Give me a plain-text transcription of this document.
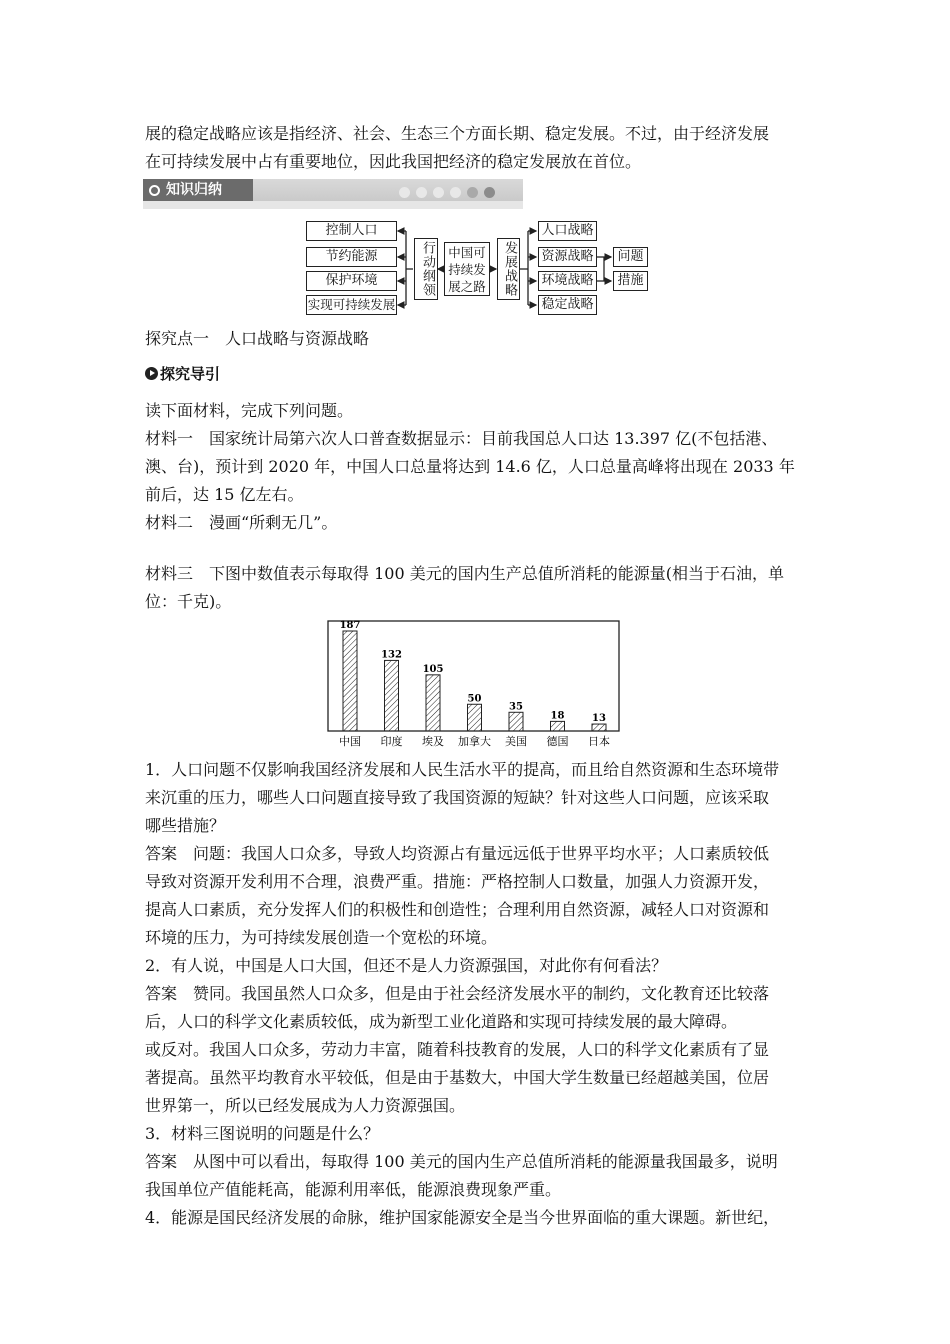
展的稳定战略应该是指经济、社会、生态三个方面长期、稳定发展。不过，由于经济发展
在可持续发展中占有重要地位，因此我国把经济的稳定发展放在首位。
知识归纳
控制人口
节约能源
保护环境
实现可持续发展
行动纲领	中国可持续发展之路	发展战略
人口战略
资源战略
环境战略
稳定战略
问题
措施
探究点一　人口战略与资源战略
探究导引
读下面材料，完成下列问题。
材料一　国家统计局第六次人口普查数据显示：目前我国总人口达 13.397 亿(不包括港、
澳、台)，预计到 2020 年，中国人口总量将达到 14.6 亿，人口总量高峰将出现在 2033 年
前后，达 15 亿左右。
材料二　漫画“所剩无几”。
材料三　下图中数值表示每取得 100 美元的国内生产总值所消耗的能源量(相当于石油，单
位：千克)。
187
中国
132
印度
105
埃及
50
加拿大
35
美国
18
德国
13
日本
1．人口问题不仅影响我国经济发展和人民生活水平的提高，而且给自然资源和生态环境带
来沉重的压力，哪些人口问题直接导致了我国资源的短缺？针对这些人口问题，应该采取
哪些措施？
答案　问题：我国人口众多，导致人均资源占有量远远低于世界平均水平；人口素质较低
导致对资源开发利用不合理，浪费严重。措施：严格控制人口数量，加强人力资源开发，
提高人口素质，充分发挥人们的积极性和创造性；合理利用自然资源，减轻人口对资源和
环境的压力，为可持续发展创造一个宽松的环境。
2．有人说，中国是人口大国，但还不是人力资源强国，对此你有何看法？
答案　赞同。我国虽然人口众多，但是由于社会经济发展水平的制约，文化教育还比较落
后，人口的科学文化素质较低，成为新型工业化道路和实现可持续发展的最大障碍。
或反对。我国人口众多，劳动力丰富，随着科技教育的发展，人口的科学文化素质有了显
著提高。虽然平均教育水平较低，但是由于基数大，中国大学生数量已经超越美国，位居
世界第一，所以已经发展成为人力资源强国。
3．材料三图说明的问题是什么？
答案　从图中可以看出，每取得 100 美元的国内生产总值所消耗的能源量我国最多，说明
我国单位产值能耗高，能源利用率低，能源浪费现象严重。
4．能源是国民经济发展的命脉，维护国家能源安全是当今世界面临的重大课题。新世纪，
